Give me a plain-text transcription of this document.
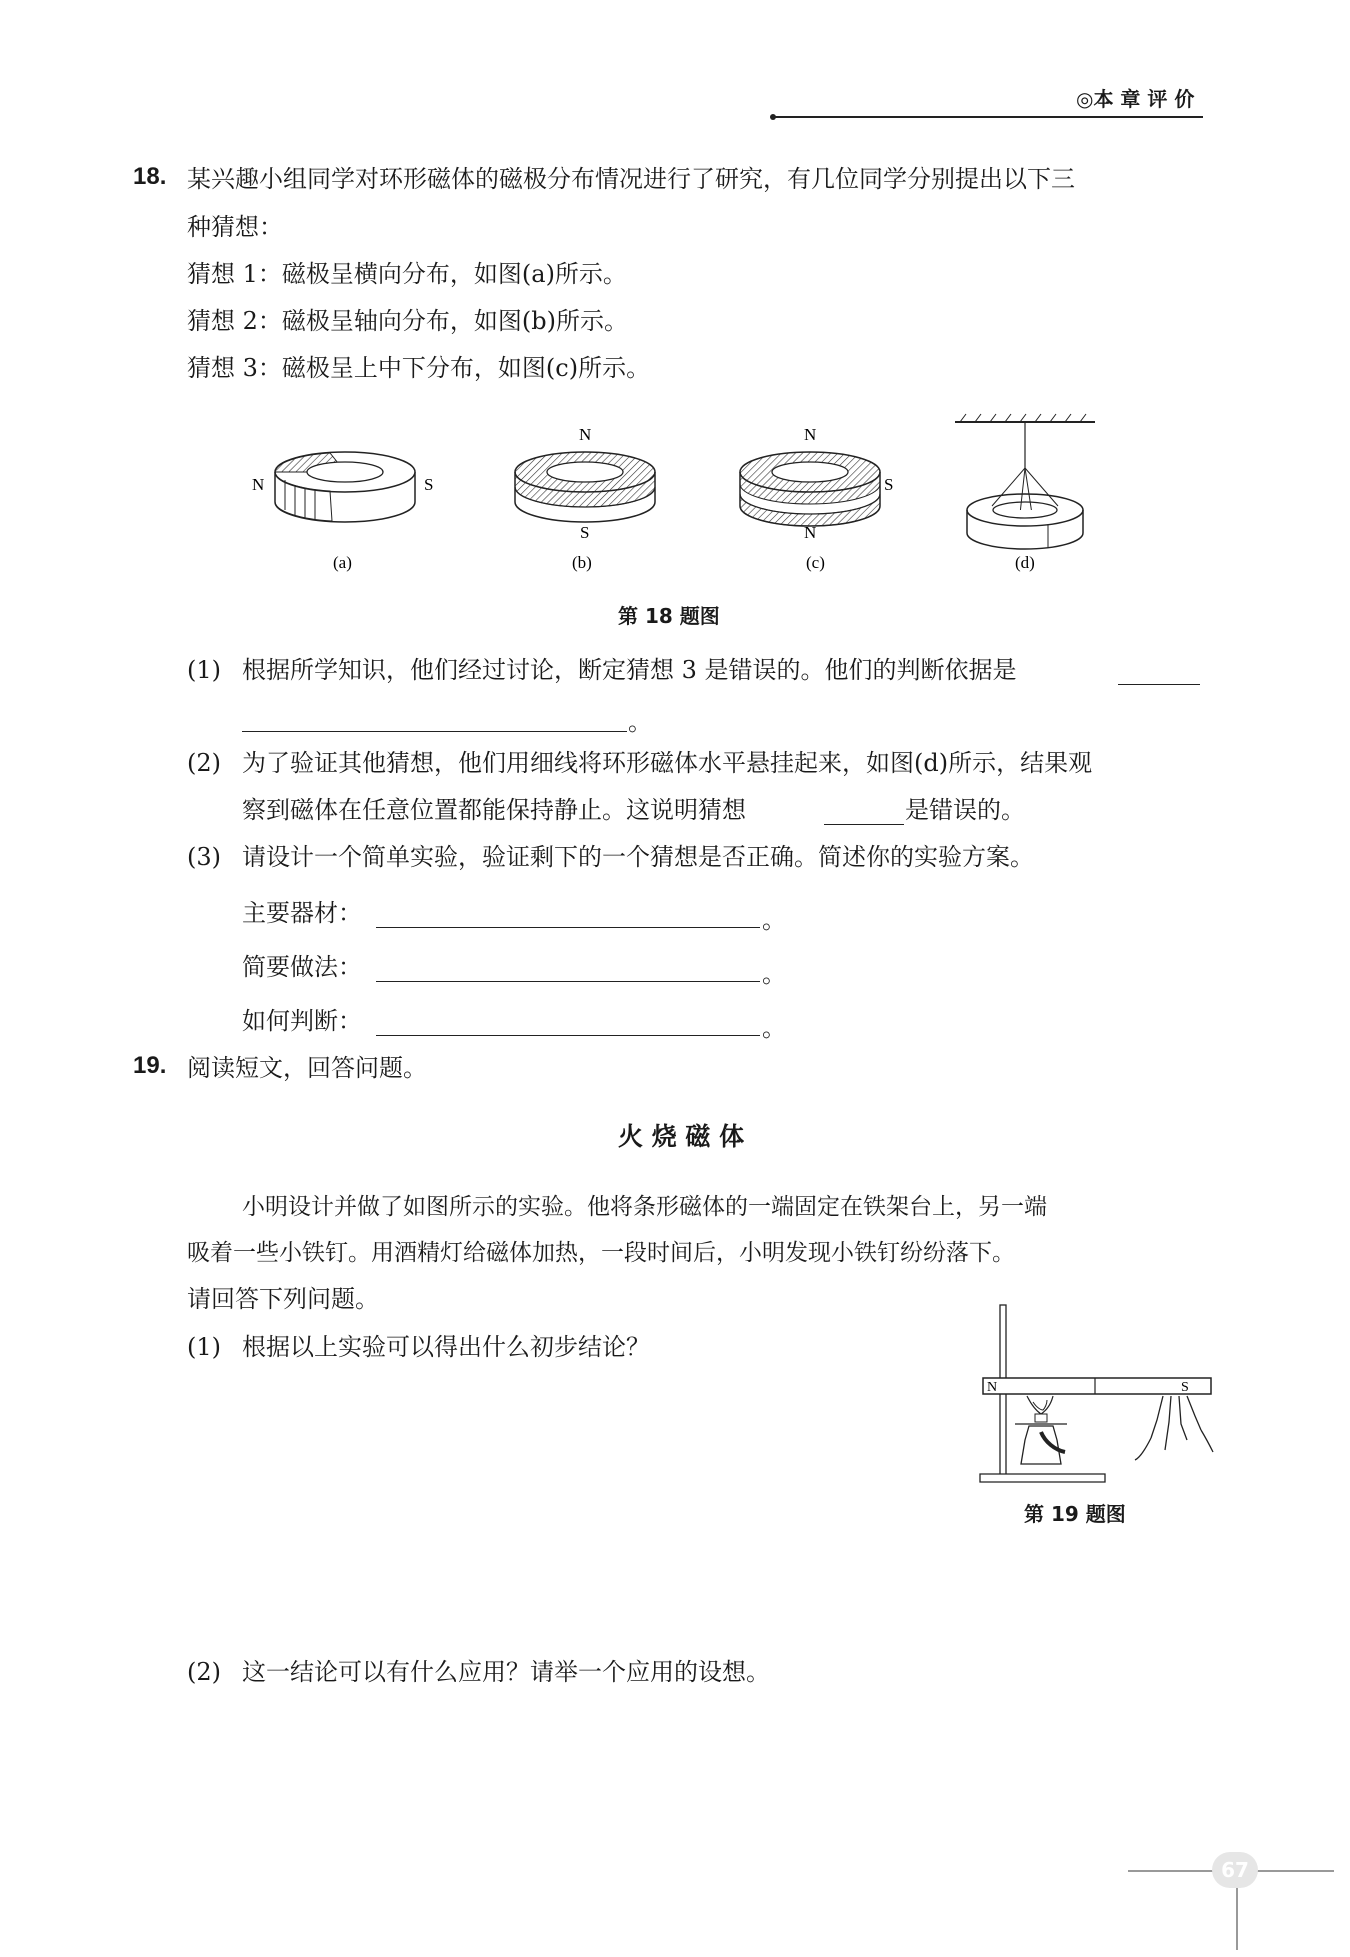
◎本 章 评 价
18. 某兴趣小组同学对环形磁体的磁极分布情况进行了研究，有几位同学分别提出以下三
种猜想：
猜想 1：磁极呈横向分布，如图(a)所示。
猜想 2：磁极呈轴向分布，如图(b)所示。
猜想 3：磁极呈上中下分布，如图(c)所示。
N	S
(a)
N
S
(b)
N
S
N
(c)	(d)
第 18 题图
(1) 根据所学知识，他们经过讨论，断定猜想 3 是错误的。他们的判断依据是
。
(2) 为了验证其他猜想，他们用细线将环形磁体水平悬挂起来，如图(d)所示，结果观
察到磁体在任意位置都能保持静止。这说明猜想	是错误的。
(3) 请设计一个简单实验，验证剩下的一个猜想是否正确。简述你的实验方案。
主要器材：	。
简要做法：	。
如何判断：	。
19. 阅读短文，回答问题。
火 烧 磁 体
小明设计并做了如图所示的实验。他将条形磁体的一端固定在铁架台上，另一端
吸着一些小铁钉。用酒精灯给磁体加热，一段时间后，小明发现小铁钉纷纷落下。
请回答下列问题。
(1) 根据以上实验可以得出什么初步结论？
N	S
第 19 题图
(2) 这一结论可以有什么应用？请举一个应用的设想。
67
